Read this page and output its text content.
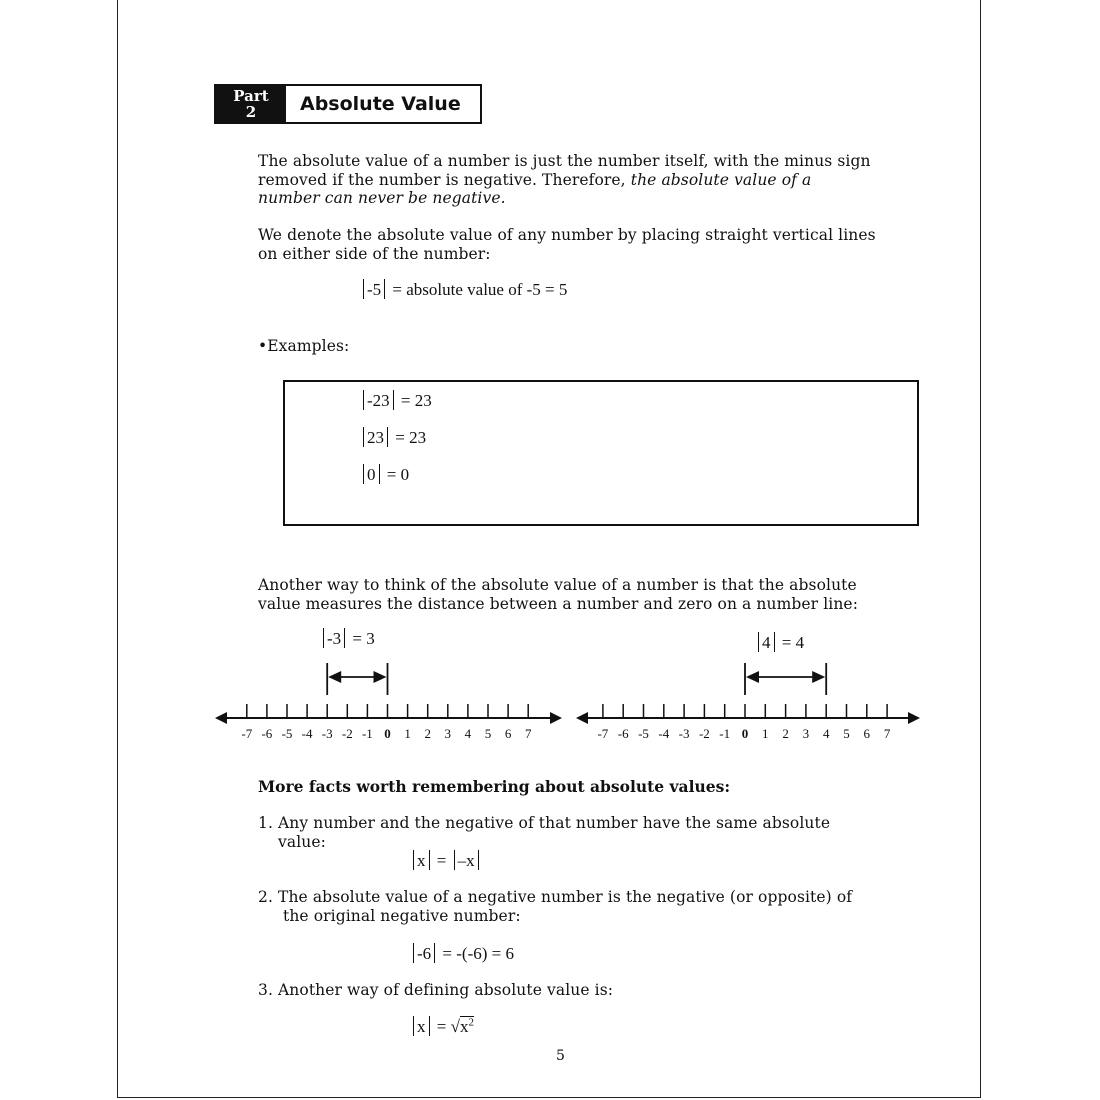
Part
2	Absolute Value
The absolute value of a number is just the number itself, with the minus sign
removed if the number is negative. Therefore, the absolute value of a
number can never be negative.
We denote the absolute value of any number by placing straight vertical lines
on either side of the number:
-5 = absolute value of -5 = 5
•Examples:
-23 = 23
23 = 23
0 = 0
Another way to think of the absolute value of a number is that the absolute
value measures the distance between a number and zero on a number line:
-3 = 3	4 = 4
-7 -6 -5 -4 -3 -2 -1 0 1 2 3 4 5 6 7	-7 -6 -5 -4 -3 -2 -1 0 1 2 3 4 5 6 7
More facts worth remembering about absolute values:
1. Any number and the negative of that number have the same absolute
value:
x = –x
2. The absolute value of a negative number is the negative (or opposite) of
the original negative number:
-6 = -(-6) = 6
3. Another way of defining absolute value is:
$x = √x^2$
5
